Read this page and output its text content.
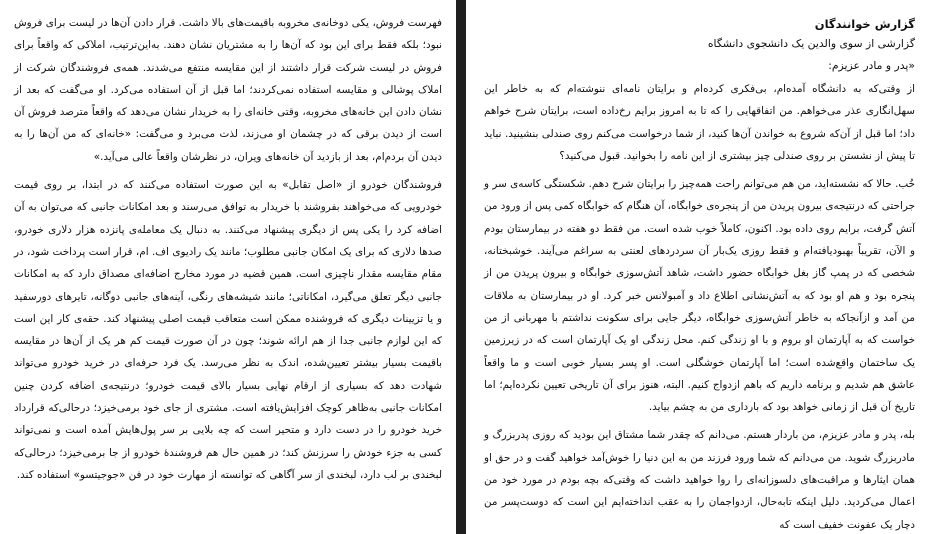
فهرست فروش، یکی دوخانه‌ی مخروبه باقیمت‌های بالا داشت. قرار دادن آن‌ها در لیست برای فروش نبود؛ بلکه فقط برای این بود که آن‌ها را به مشتریان نشان دهند. به‌این‌ترتیب، املاکی که واقعاً برای فروش در لیست شرکت قرار داشتند از این مقایسه منتفع می‌شدند. همه‌ی فروشندگان شرکت از املاک پوشالی و مقایسه استفاده نمی‌کردند؛ اما قبل از آن استفاده می‌کرد. او می‌گفت که بعد از نشان دادن این خانه‌های مخروبه، وقتی خانه‌ای را به خریدار نشان می‌دهد که واقعاً مترصد فروش آن است از دیدن برقی که در چشمان او می‌زند، لذت می‌برد و می‌گفت: «خانه‌ای که من آن‌ها را به دیدن آن بردم‌ام، بعد از بازدید آن خانه‌های ویران، در نظرشان واقعاً عالی می‌آید.»

فروشندگان خودرو از «اصل تقابل» به این صورت استفاده می‌کنند که در ابتدا، بر روی قیمت خودرویی که می‌خواهند بفروشند با خریدار به توافق می‌رسند و بعد امکانات جانبی که می‌توان به آن اضافه کرد را یکی پس از دیگری پیشنهاد می‌کنند. به دنبال یک معامله‌ی پانزده هزار دلاری خودرو، صدها دلاری که برای یک امکان جانبی مطلوب؛ مانند یک رادیوی اف. ام، قرار است پرداخت شود، در مقام مقایسه مقدار ناچیزی است. همین قضیه در مورد مخارج اضافه‌ای مصداق دارد که به امکانات جانبی دیگر تعلق می‌گیرد، امکاناتی؛ مانند شیشه‌های رنگی، آینه‌های جانبی دوگانه، تایرهای دورسفید و یا تزیینات دیگری که فروشنده ممکن است متعاقب قیمت اصلی پیشنهاد کند. حقه‌ی کار این است که این لوازم جانبی جدا از هم ارائه شوند؛ چون در آن صورت قیمت کم هر یک از آن‌ها در مقایسه باقیمت بسیار بیشتر تعیین‌شده، اندک به نظر می‌رسد. یک فرد حرفه‌ای در خرید خودرو می‌تواند شهادت دهد که بسیاری از ارقام نهایی بسیار بالای قیمت خودرو؛ درنتیجه‌ی اضافه کردن چنین امکانات جانبی به‌ظاهر کوچک افزایش‌یافته است. مشتری از جای خود برمی‌خیزد؛ درحالی‌که قرارداد خرید خودرو را در دست دارد و متحیر است که چه بلایی بر سر پول‌هایش آمده است و نمی‌تواند کسی به جزء خودش را سرزنش کند؛ در همین حال هم فروشندهٔ خودرو از جا برمی‌خیزد؛ درحالی‌که لبخندی بر لب دارد، لبخندی از سر آگاهی که توانسته از مهارت خود در فن «جوجیتسو» استفاده کند.

گزارش خوانندگان
گزارشی از سوی والدین یک دانشجوی دانشگاه
«پدر و مادر عزیزم:

از وقتی‌که به دانشگاه آمده‌ام، بی‌فکری کرده‌ام و برایتان نامه‌ای ننوشته‌ام که به خاطر این سهل‌انگاری عذر می‌خواهم. من اتفاقهایی را که تا به امروز برایم رخ‌داده است، برایتان شرح خواهم داد؛ اما قبل از آن‌که شروع به خواندن آن‌ها کنید، از شما درخواست می‌کنم روی صندلی بنشینید. نباید تا پیش از نشستن بر روی صندلی چیز بیشتری از این نامه را بخوانید. قبول می‌کنید؟

خُب. حالا که نشسته‌اید، من هم می‌توانم راحت همه‌چیز را برایتان شرح دهم. شکستگی کاسه‌ی سر و جراحتی که درنتیجه‌ی بیرون پریدن من از پنجره‌ی خوابگاه، آن هنگام که خوابگاه کمی پس از ورود من آتش گرفت، برایم روی داده بود. اکنون، کاملاً خوب شده است. من فقط دو هفته در بیمارستان بودم و الآن، تقریباً بهبودیافته‌ام و فقط روزی یک‌بار آن سردردهای لعنتی به سراغم می‌آیند. خوشبختانه، شخصی که در پمپ گاز بغل خوابگاه حضور داشت، شاهد آتش‌سوزی خوابگاه و بیرون پریدن من از پنجره بود و هم او بود که به آتش‌نشانی اطلاع داد و آمبولانس خبر کرد. او در بیمارستان به ملاقات من آمد و ازآنجاکه به خاطر آتش‌سوزی خوابگاه، دیگر جایی برای سکونت نداشتم با مهربانی از من خواست که به آپارتمان او بروم و با او زندگی کنم. محل زندگی او یک آپارتمان است که در زیرزمین یک ساختمان واقع‌شده است؛ اما آپارتمان خوشگلی است. او پسر بسیار خوبی است و ما واقعاً عاشق هم شدیم و برنامه داریم که باهم ازدواج کنیم. البته، هنوز برای آن تاریخی تعیین نکرده‌ایم؛ اما تاریخ آن قبل از زمانی خواهد بود که بارداری من به چشم بیاید.

بله، پدر و مادر عزیزم، من باردار هستم. می‌دانم که چقدر شما مشتاق این بودید که روزی پدربزرگ و مادربزرگ شوید. من می‌دانم که شما ورود فرزند من به این دنیا را خوش‌آمد خواهید گفت و در حق او همان ایثارها و مراقبت‌های دلسوزانه‌ای را روا خواهید داشت که وقتی‌که بچه بودم در مورد خود من اعمال می‌کردید. دلیل اینکه تابه‌حال، ازدواجمان را به عقب انداخته‌ایم این است که دوست‌پسر من دچار یک عفونت خفیف است که
